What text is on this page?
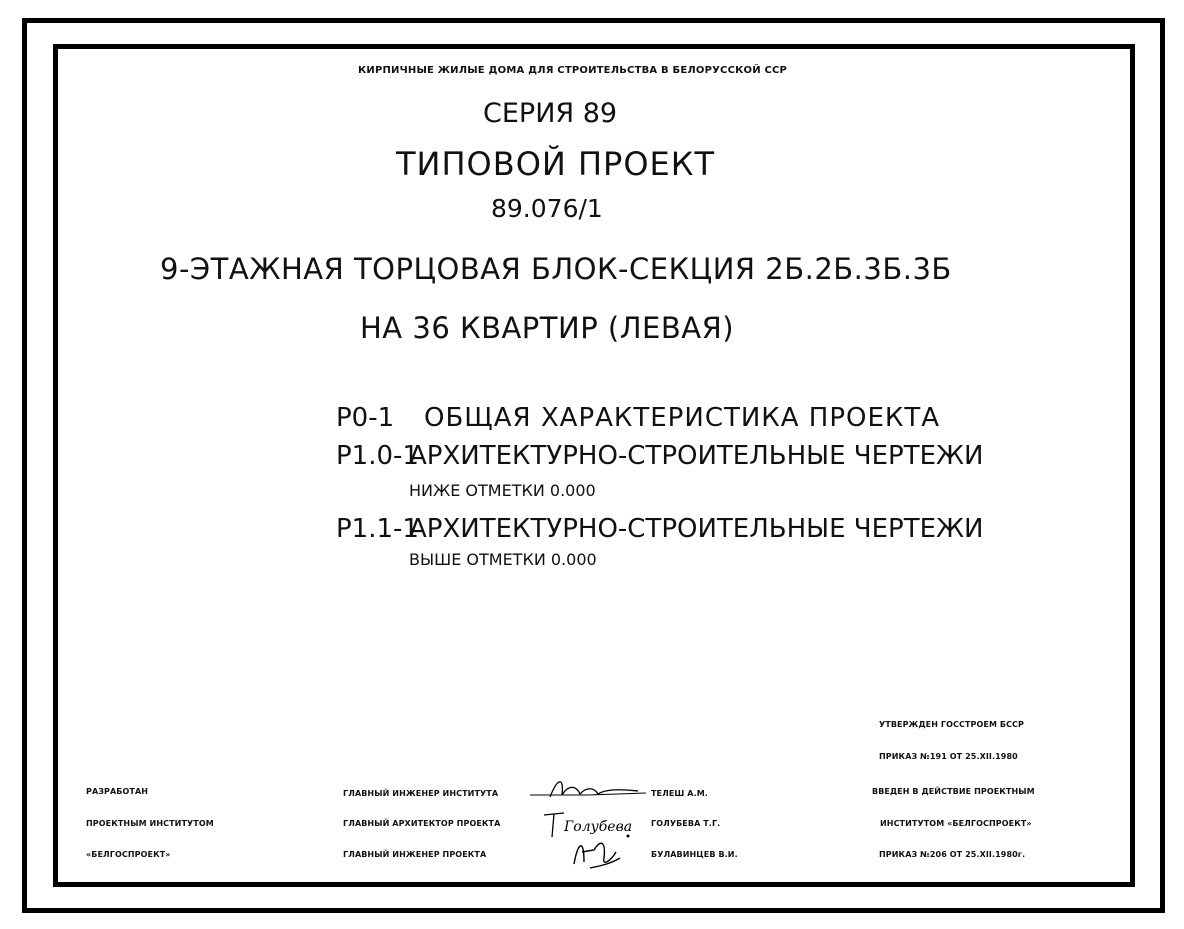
КИРПИЧНЫЕ ЖИЛЫЕ ДОМА ДЛЯ СТРОИТЕЛЬСТВА В БЕЛОРУССКОЙ ССР
СЕРИЯ 89
ТИПОВОЙ ПРОЕКТ
89.076/1
9-ЭТАЖНАЯ ТОРЦОВАЯ БЛОК-СЕКЦИЯ 2Б.2Б.3Б.3Б
НА 36 КВАРТИР (ЛЕВАЯ)
Р0-1 ОБЩАЯ ХАРАКТЕРИСТИКА ПРОЕКТА
Р1.0-1
АРХИТЕКТУРНО-СТРОИТЕЛЬНЫЕ ЧЕРТЕЖИ
НИЖЕ ОТМЕТКИ 0.000
Р1.1-1
АРХИТЕКТУРНО-СТРОИТЕЛЬНЫЕ ЧЕРТЕЖИ
ВЫШЕ ОТМЕТКИ 0.000
РАЗРАБОТАН
ПРОЕКТНЫМ ИНСТИТУТОМ
«БЕЛГОСПРОЕКТ»
ГЛАВНЫЙ ИНЖЕНЕР ИНСТИТУТА
ГЛАВНЫЙ АРХИТЕКТОР ПРОЕКТА
ГЛАВНЫЙ ИНЖЕНЕР ПРОЕКТА
ТЕЛЕШ А.М.
ГОЛУБЕВА Т.Г.
БУЛАВИНЦЕВ В.И.
Голубева
УТВЕРЖДЕН ГОССТРОЕМ БССР
ПРИКАЗ №191 ОТ 25.XII.1980
ВВЕДЕН В ДЕЙСТВИЕ ПРОЕКТНЫМ
ИНСТИТУТОМ «БЕЛГОСПРОЕКТ»
ПРИКАЗ №206 ОТ 25.XII.1980г.
